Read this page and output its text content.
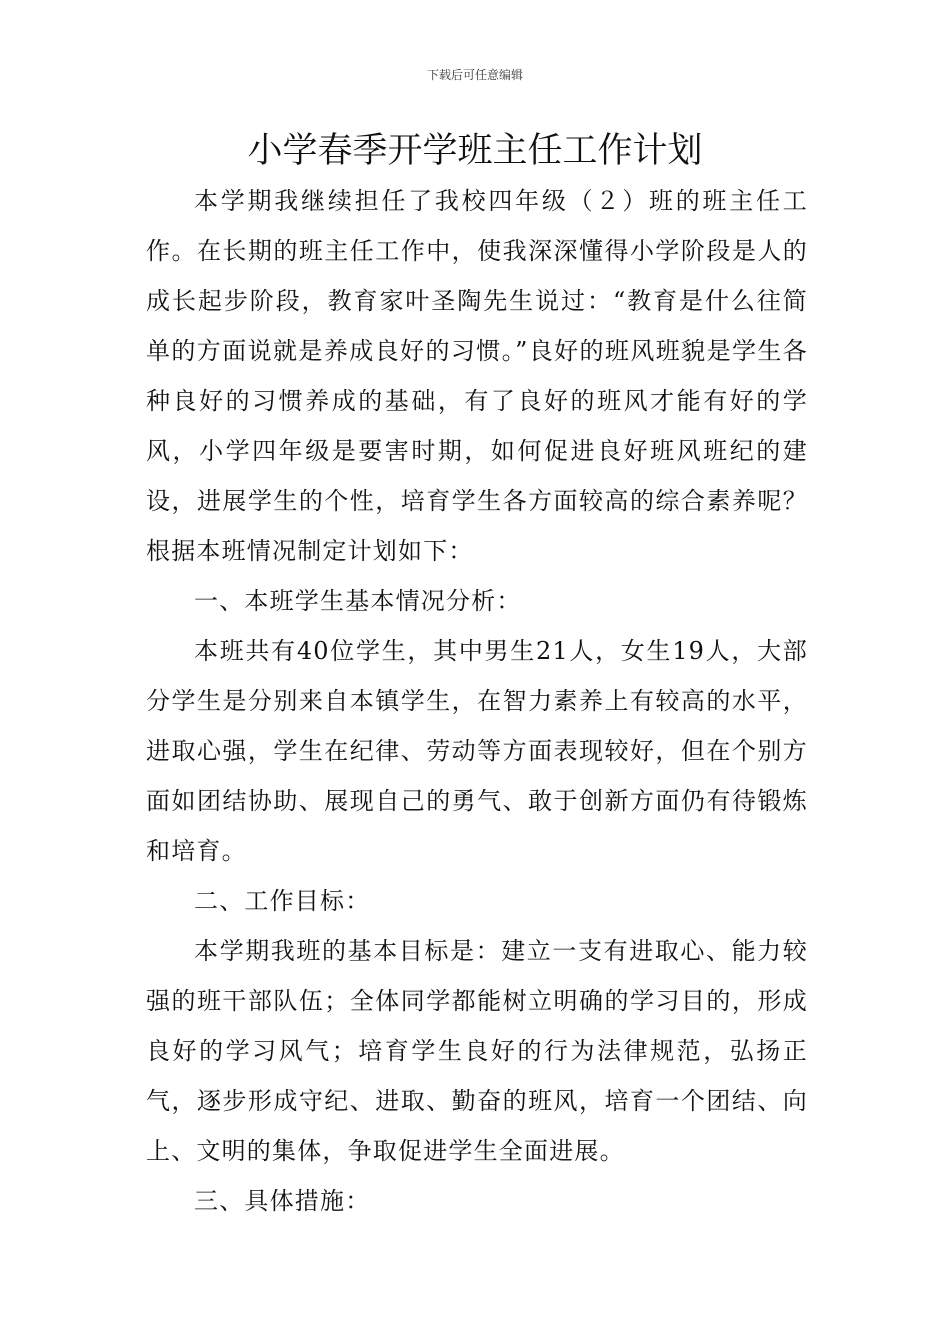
下载后可任意编辑
小学春季开学班主任工作计划

本学期我继续担任了我校四年级（２）班的班主任工作。在长期的班主任工作中，使我深深懂得小学阶段是人的成长起步阶段，教育家叶圣陶先生说过：“教育是什么往简单的方面说就是养成良好的习惯。”良好的班风班貌是学生各种良好的习惯养成的基础，有了良好的班风才能有好的学风，小学四年级是要害时期，如何促进良好班风班纪的建设，进展学生的个性，培育学生各方面较高的综合素养呢？根据本班情况制定计划如下：

一、本班学生基本情况分析：

本班共有40位学生，其中男生21人，女生19人，大部分学生是分别来自本镇学生，在智力素养上有较高的水平，进取心强，学生在纪律、劳动等方面表现较好，但在个别方面如团结协助、展现自己的勇气、敢于创新方面仍有待锻炼和培育。

二、工作目标：

本学期我班的基本目标是：建立一支有进取心、能力较强的班干部队伍；全体同学都能树立明确的学习目的，形成良好的学习风气；培育学生良好的行为法律规范，弘扬正气，逐步形成守纪、进取、勤奋的班风，培育一个团结、向上、文明的集体，争取促进学生全面进展。

三、具体措施：
